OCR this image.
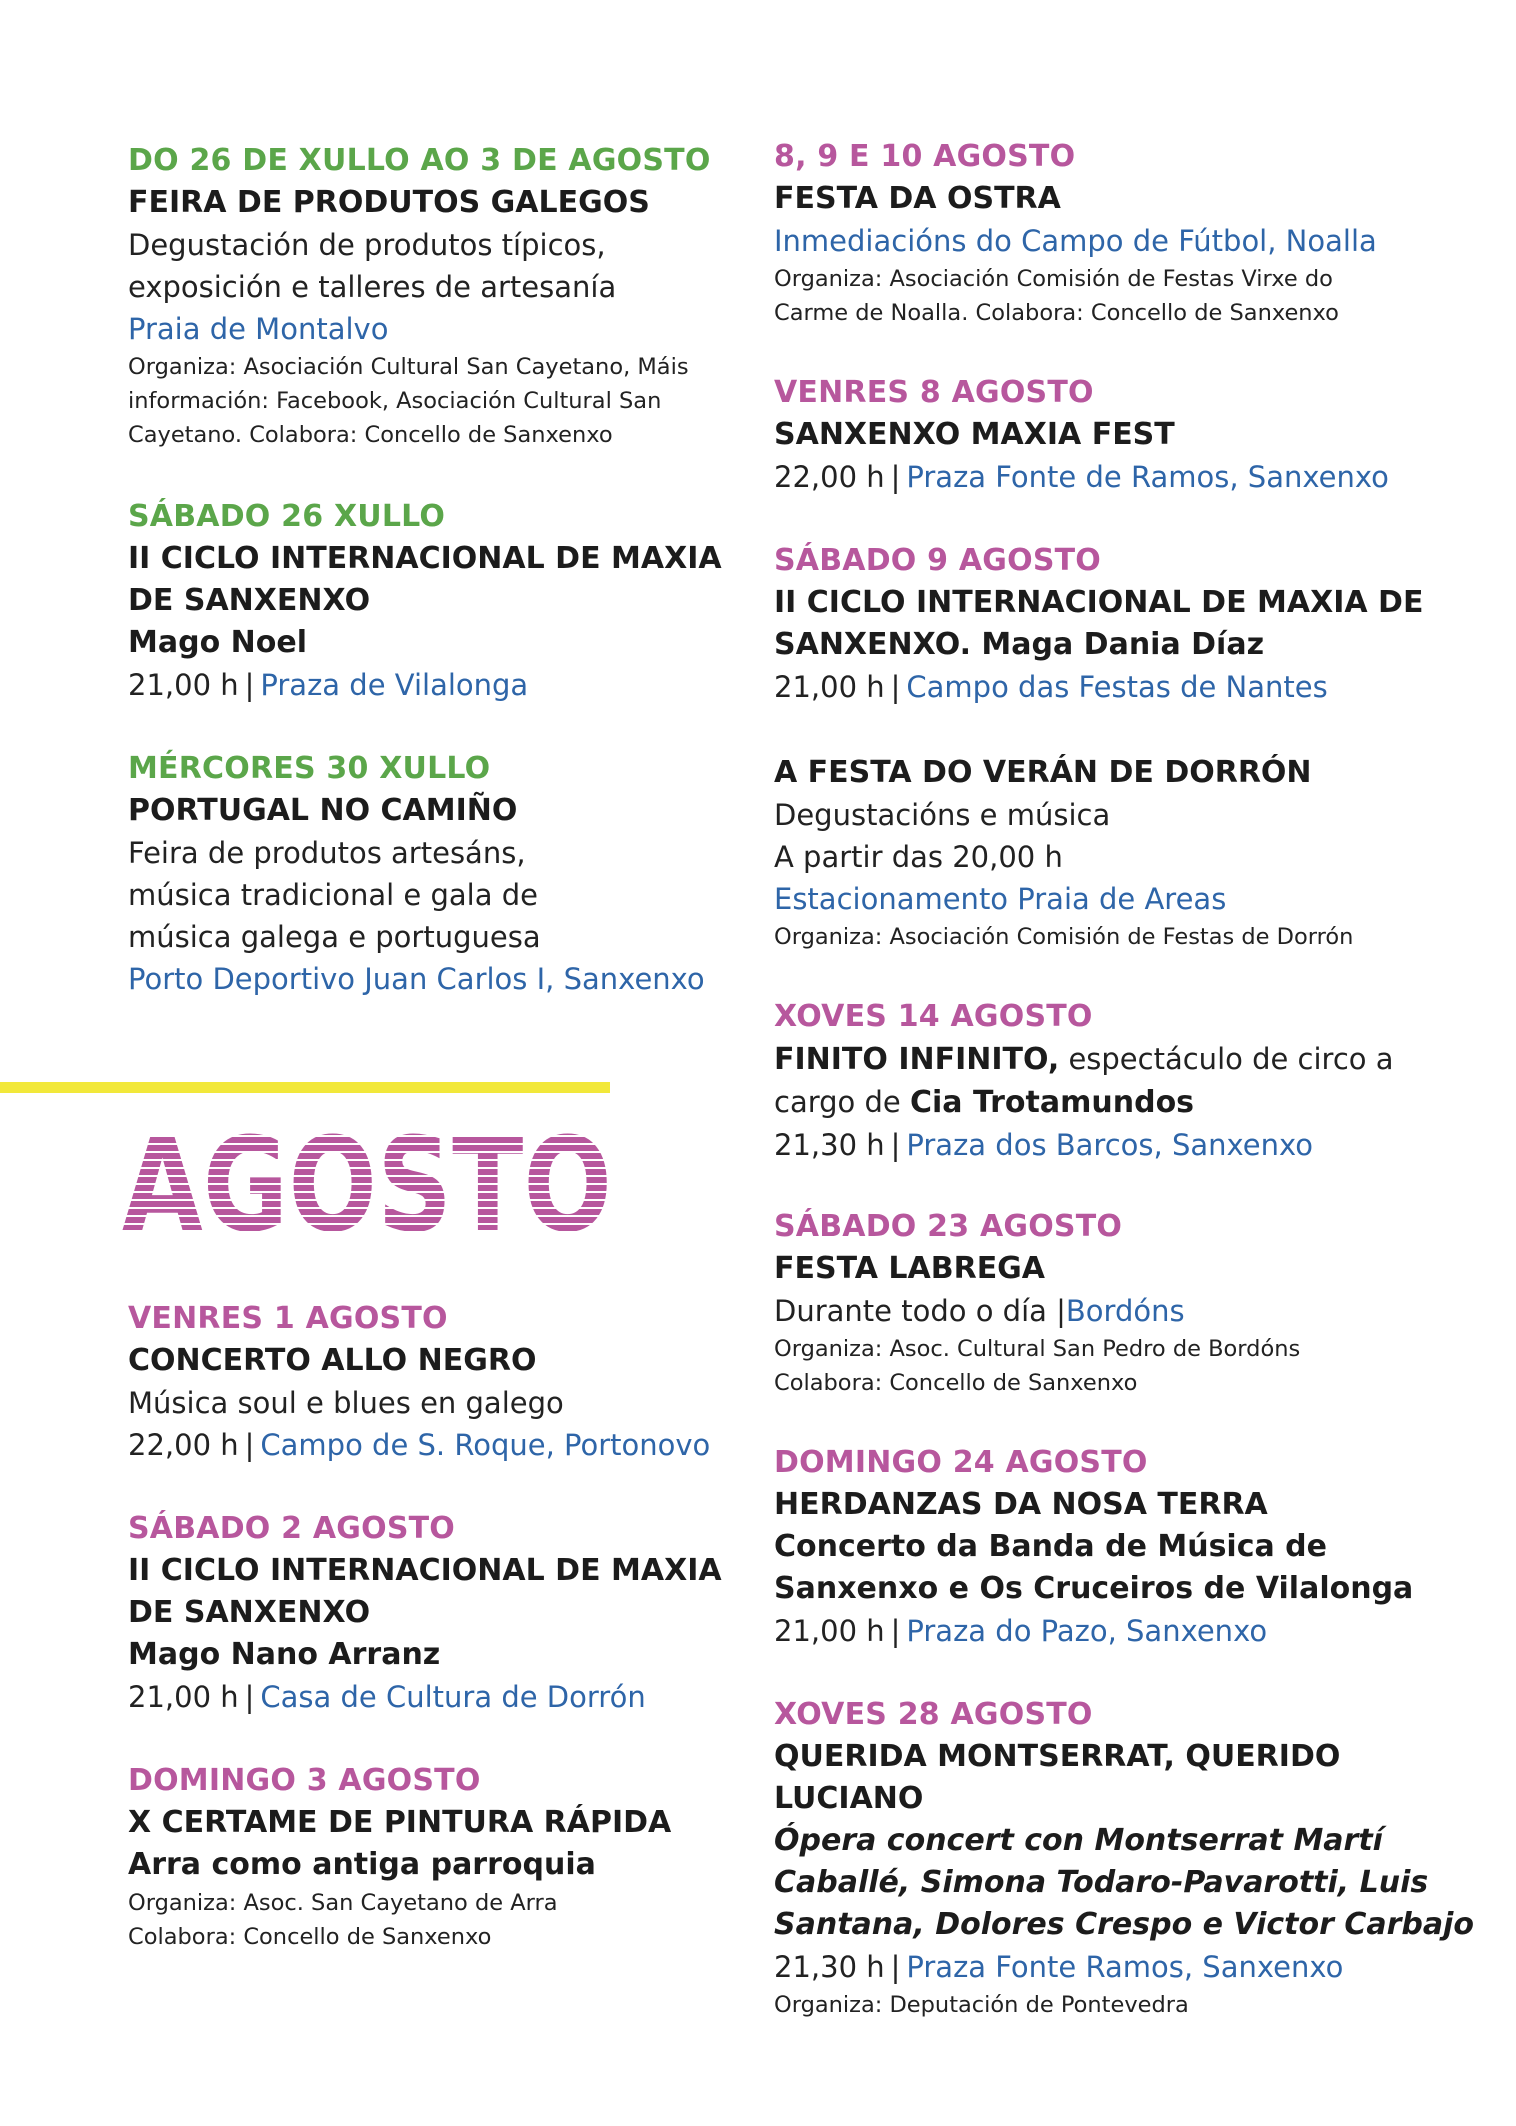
DO 26 DE XULLO AO 3 DE AGOSTO
FEIRA DE PRODUTOS GALEGOS
Degustación de produtos típicos,
exposición e talleres de artesanía
Praia de Montalvo
Organiza: Asociación Cultural San Cayetano, Máis
información: Facebook, Asociación Cultural San
Cayetano. Colabora: Concello de Sanxenxo
SÁBADO 26 XULLO
II CICLO INTERNACIONAL DE MAXIA
DE SANXENXO
Mago Noel
21,00 h | Praza de Vilalonga
MÉRCORES 30 XULLO
PORTUGAL NO CAMIÑO
Feira de produtos artesáns,
música tradicional e gala de
música galega e portuguesa
Porto Deportivo Juan Carlos I, Sanxenxo
AGOSTO
VENRES 1 AGOSTO
CONCERTO ALLO NEGRO
Música soul e blues en galego
22,00 h | Campo de S. Roque, Portonovo
SÁBADO 2 AGOSTO
II CICLO INTERNACIONAL DE MAXIA
DE SANXENXO
Mago Nano Arranz
21,00 h | Casa de Cultura de Dorrón
DOMINGO 3 AGOSTO
X CERTAME DE PINTURA RÁPIDA
Arra como antiga parroquia
Organiza: Asoc. San Cayetano de Arra
Colabora: Concello de Sanxenxo
8, 9 E 10 AGOSTO
FESTA DA OSTRA
Inmediacións do Campo de Fútbol, Noalla
Organiza: Asociación Comisión de Festas Virxe do
Carme de Noalla. Colabora: Concello de Sanxenxo
VENRES 8 AGOSTO
SANXENXO MAXIA FEST
22,00 h | Praza Fonte de Ramos, Sanxenxo
SÁBADO 9 AGOSTO
II CICLO INTERNACIONAL DE MAXIA DE
SANXENXO. Maga Dania Díaz
21,00 h | Campo das Festas de Nantes
A FESTA DO VERÁN DE DORRÓN
Degustacións e música
A partir das 20,00 h
Estacionamento Praia de Areas
Organiza: Asociación Comisión de Festas de Dorrón
XOVES 14 AGOSTO
FINITO INFINITO, espectáculo de circo a
cargo de Cia Trotamundos
21,30 h | Praza dos Barcos, Sanxenxo
SÁBADO 23 AGOSTO
FESTA LABREGA
Durante todo o día |Bordóns
Organiza: Asoc. Cultural San Pedro de Bordóns
Colabora: Concello de Sanxenxo
DOMINGO 24 AGOSTO
HERDANZAS DA NOSA TERRA
Concerto da Banda de Música de
Sanxenxo e Os Cruceiros de Vilalonga
21,00 h | Praza do Pazo, Sanxenxo
XOVES 28 AGOSTO
QUERIDA MONTSERRAT, QUERIDO
LUCIANO
Ópera concert con Montserrat Martí
Caballé, Simona Todaro-Pavarotti, Luis
Santana, Dolores Crespo e Victor Carbajo
21,30 h | Praza Fonte Ramos, Sanxenxo
Organiza: Deputación de Pontevedra
